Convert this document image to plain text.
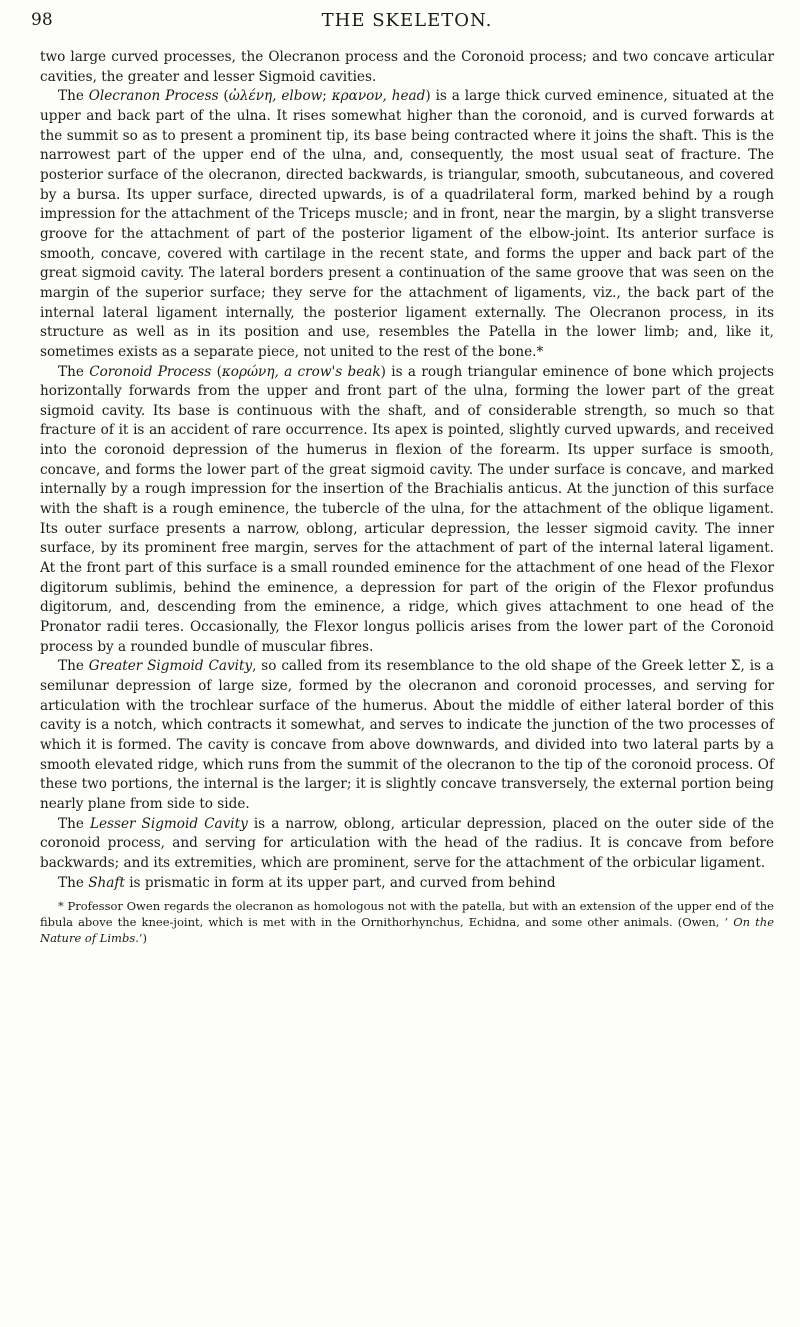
98	THE SKELETON.

two large curved processes, the Olecranon process and the Coronoid process; and two concave articular cavities, the greater and lesser Sigmoid cavities.

The Olecranon Process (ὠλένη, elbow; κρανον, head) is a large thick curved eminence, situated at the upper and back part of the ulna. It rises somewhat higher than the coronoid, and is curved forwards at the summit so as to present a prominent tip, its base being contracted where it joins the shaft. This is the narrowest part of the upper end of the ulna, and, consequently, the most usual seat of fracture. The posterior surface of the olecranon, directed backwards, is triangular, smooth, subcutaneous, and covered by a bursa. Its upper surface, directed upwards, is of a quadrilateral form, marked behind by a rough impression for the attachment of the Triceps muscle; and in front, near the margin, by a slight transverse groove for the attachment of part of the posterior ligament of the elbow-joint. Its anterior surface is smooth, concave, covered with cartilage in the recent state, and forms the upper and back part of the great sigmoid cavity. The lateral borders present a continuation of the same groove that was seen on the margin of the superior surface; they serve for the attachment of ligaments, viz., the back part of the internal lateral ligament internally, the posterior ligament externally. The Olecranon process, in its structure as well as in its position and use, resembles the Patella in the lower limb; and, like it, sometimes exists as a separate piece, not united to the rest of the bone.*

The Coronoid Process (κορώνη, a crow's beak) is a rough triangular eminence of bone which projects horizontally forwards from the upper and front part of the ulna, forming the lower part of the great sigmoid cavity. Its base is continuous with the shaft, and of considerable strength, so much so that fracture of it is an accident of rare occurrence. Its apex is pointed, slightly curved upwards, and received into the coronoid depression of the humerus in flexion of the forearm. Its upper surface is smooth, concave, and forms the lower part of the great sigmoid cavity. The under surface is concave, and marked internally by a rough impression for the insertion of the Brachialis anticus. At the junction of this surface with the shaft is a rough eminence, the tubercle of the ulna, for the attachment of the oblique ligament. Its outer surface presents a narrow, oblong, articular depression, the lesser sigmoid cavity. The inner surface, by its prominent free margin, serves for the attachment of part of the internal lateral ligament. At the front part of this surface is a small rounded eminence for the attachment of one head of the Flexor digitorum sublimis, behind the eminence, a depression for part of the origin of the Flexor profundus digitorum, and, descending from the eminence, a ridge, which gives attachment to one head of the Pronator radii teres. Occasionally, the Flexor longus pollicis arises from the lower part of the Coronoid process by a rounded bundle of muscular fibres.

The Greater Sigmoid Cavity, so called from its resemblance to the old shape of the Greek letter Σ, is a semilunar depression of large size, formed by the olecranon and coronoid processes, and serving for articulation with the trochlear surface of the humerus. About the middle of either lateral border of this cavity is a notch, which contracts it somewhat, and serves to indicate the junction of the two processes of which it is formed. The cavity is concave from above downwards, and divided into two lateral parts by a smooth elevated ridge, which runs from the summit of the olecranon to the tip of the coronoid process. Of these two portions, the internal is the larger; it is slightly concave transversely, the external portion being nearly plane from side to side.

The Lesser Sigmoid Cavity is a narrow, oblong, articular depression, placed on the outer side of the coronoid process, and serving for articulation with the head of the radius. It is concave from before backwards; and its extremities, which are prominent, serve for the attachment of the orbicular ligament.

The Shaft is prismatic in form at its upper part, and curved from behind

* Professor Owen regards the olecranon as homologous not with the patella, but with an extension of the upper end of the fibula above the knee-joint, which is met with in the Ornithorhynchus, Echidna, and some other animals. (Owen, ‘ On the Nature of Limbs.’)
